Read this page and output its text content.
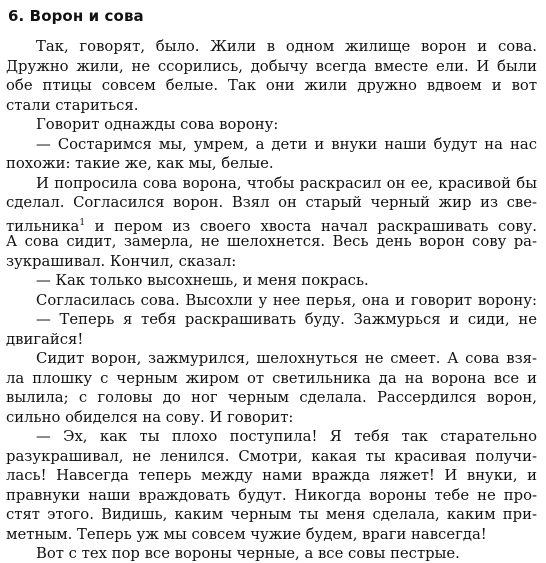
6. Ворон и сова
Так, говорят, было. Жили в одном жилище ворон и сова.
Дружно жили, не ссорились, добычу всегда вместе ели. И были
обе птицы совсем белые. Так они жили дружно вдвоем и вот
стали стариться.
Говорит однажды сова ворону:
— Состаримся мы, умрем, а дети и внуки наши будут на нас
похожи: такие же, как мы, белые.
И попросила сова ворона, чтобы раскрасил он ее, красивой бы
сделал. Согласился ворон. Взял он старый черный жир из све-
тильника$^1$ и пером из своего хвоста начал раскрашивать сову.
А сова сидит, замерла, не шелохнется. Весь день ворон сову ра-
зукрашивал. Кончил, сказал:
— Как только высохнешь, и меня покрась.
Согласилась сова. Высохли у нее перья, она и говорит ворону:
— Теперь я тебя раскрашивать буду. Зажмурься и сиди, не
двигайся!
Сидит ворон, зажмурился, шелохнуться не смеет. А сова взя-
ла плошку с черным жиром от светильника да на ворона все и
вылила; с головы до ног черным сделала. Рассердился ворон,
сильно обиделся на сову. И говорит:
— Эх, как ты плохо поступила! Я тебя так старательно
разукрашивал, не ленился. Смотри, какая ты красивая получи-
лась! Навсегда теперь между нами вражда ляжет! И внуки, и
правнуки наши враждовать будут. Никогда вороны тебе не про-
стят этого. Видишь, каким черным ты меня сделала, каким при-
метным. Теперь уж мы совсем чужие будем, враги навсегда!
Вот с тех пор все вороны черные, а все совы пестрые.
